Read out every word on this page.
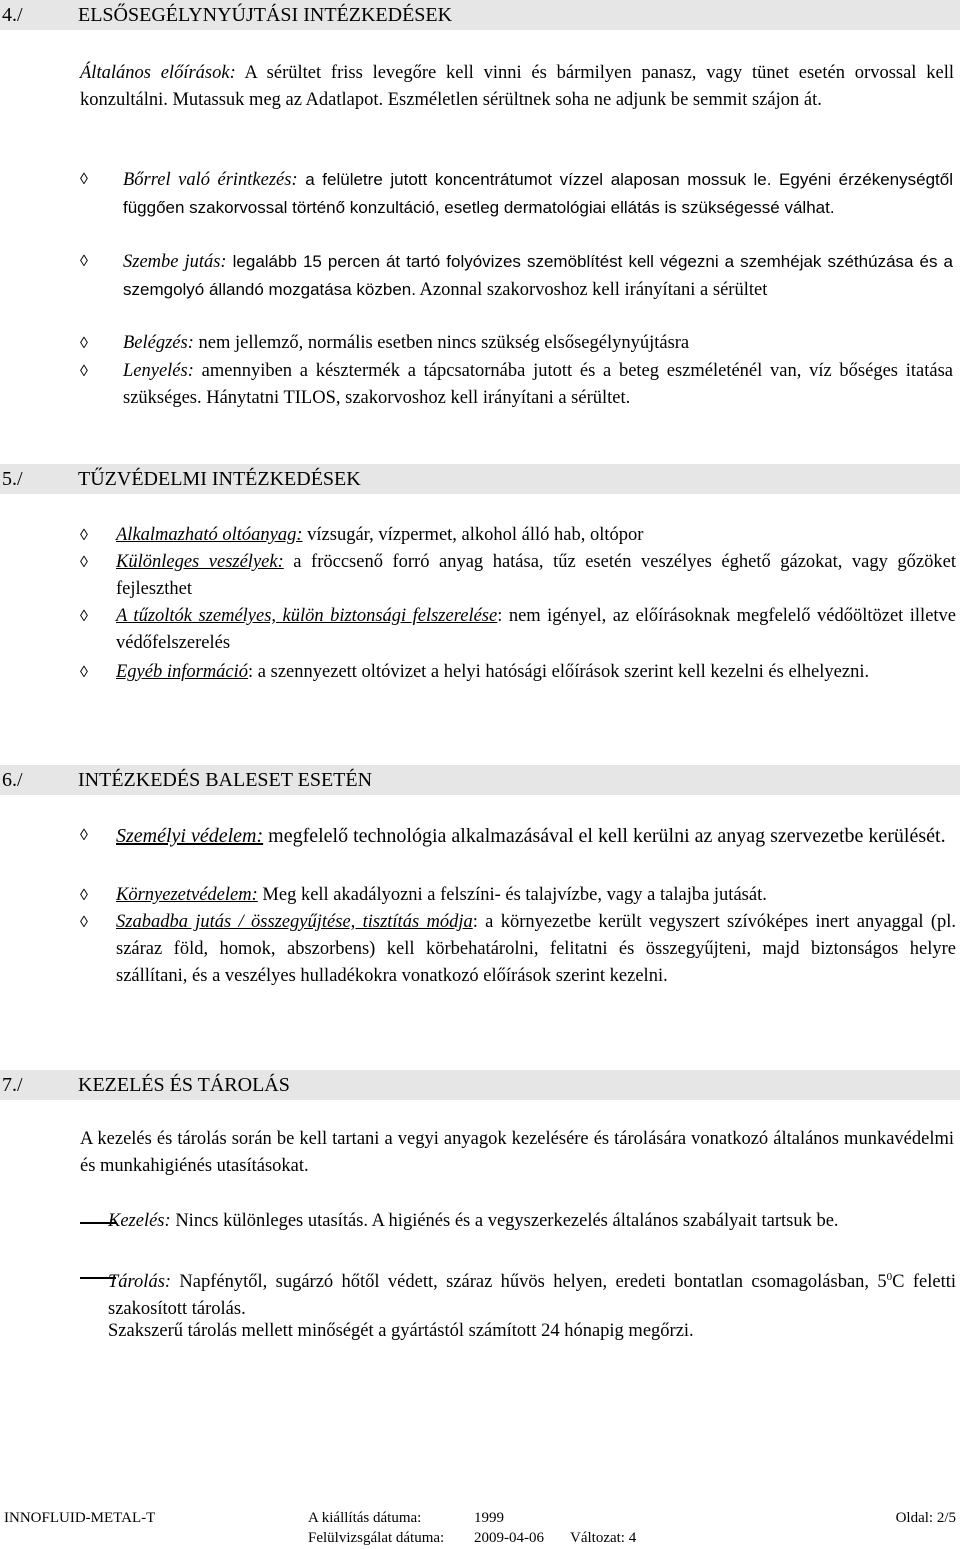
4./	ELSŐSEGÉLYNYÚJTÁSI INTÉZKEDÉSEK
Általános előírások: A sérültet friss levegőre kell vinni és bármilyen panasz, vagy tünet esetén orvossal kell konzultálni. Mutassuk meg az Adatlapot. Eszméletlen sérültnek soha ne adjunk be semmit szájon át.
◊ Bőrrel való érintkezés: a felületre jutott koncentrátumot vízzel alaposan mossuk le. Egyéni érzékenységtől függően szakorvossal történő konzultáció, esetleg dermatológiai ellátás is szükségessé válhat.
◊ Szembe jutás: legalább 15 percen át tartó folyóvizes szemöblítést kell végezni a szemhéjak széthúzása és a szemgolyó állandó mozgatása közben. Azonnal szakorvoshoz kell irányítani a sérültet
◊ Belégzés: nem jellemző, normális esetben nincs szükség elsősegélynyújtásra
◊ Lenyelés: amennyiben a késztermék a tápcsatornába jutott és a beteg eszméleténél van, víz bőséges itatása szükséges. Hánytatni TILOS, szakorvoshoz kell irányítani a sérültet.
5./	TŰZVÉDELMI INTÉZKEDÉSEK
◊ Alkalmazható oltóanyag: vízsugár, vízpermet, alkohol álló hab, oltópor
◊ Különleges veszélyek: a fröccsenő forró anyag hatása, tűz esetén veszélyes éghető gázokat, vagy gőzöket fejleszthet
◊ A tűzoltók személyes, külön biztonsági felszerelése: nem igényel, az előírásoknak megfelelő védőöltözet illetve védőfelszerelés
◊ Egyéb információ: a szennyezett oltóvizet a helyi hatósági előírások szerint kell kezelni és elhelyezni.
6./	INTÉZKEDÉS BALESET ESETÉN
◊ Személyi védelem: megfelelő technológia alkalmazásával el kell kerülni az anyag szervezetbe kerülését.
◊ Környezetvédelem: Meg kell akadályozni a felszíni- és talajvízbe, vagy a talajba jutását.
◊ Szabadba jutás / összegyűjtése, tisztítás módja: a környezetbe került vegyszert szívóképes inert anyaggal (pl. száraz föld, homok, abszorbens) kell körbehatárolni, felitatni és összegyűjteni, majd biztonságos helyre szállítani, és a veszélyes hulladékokra vonatkozó előírások szerint kezelni.
7./	KEZELÉS ÉS TÁROLÁS
A kezelés és tárolás során be kell tartani a vegyi anyagok kezelésére és tárolására vonatkozó általános munkavédelmi és munkahigiénés utasításokat.
Kezelés: Nincs különleges utasítás. A higiénés és a vegyszerkezelés általános szabályait tartsuk be.
Tárolás: Napfénytől, sugárzó hőtől védett, száraz hűvös helyen, eredeti bontatlan csomagolásban, $5^0C$ feletti szakosított tárolás.
Szakszerű tárolás mellett minőségét a gyártástól számított 24 hónapig megőrzi.
INNOFLUID-METAL-T	A kiállítás dátuma:	1999	Oldal: 2/5
Felülvizsgálat dátuma: 2009-04-06 Változat: 4
